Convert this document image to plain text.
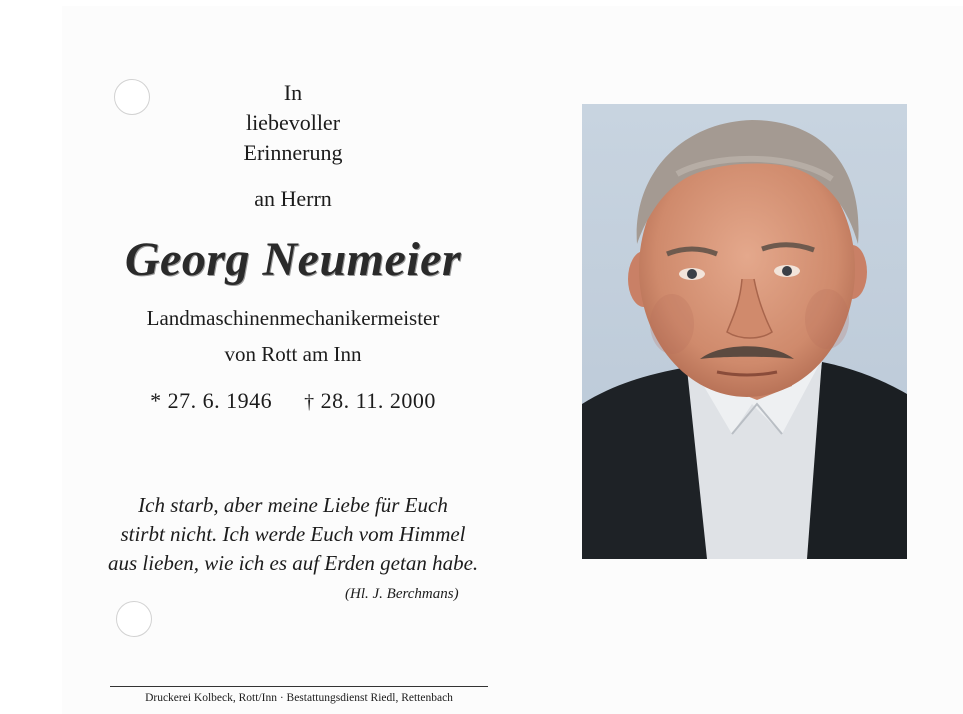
In
liebevoller
Erinnerung
an Herrn
Georg Neumeier
Landmaschinenmechanikermeister
von Rott am Inn
* 27. 6. 1946 † 28. 11. 2000
Ich starb, aber meine Liebe für Euch
stirbt nicht. Ich werde Euch vom Himmel
aus lieben, wie ich es auf Erden getan habe.
(Hl. J. Berchmans)
Druckerei Kolbeck, Rott/Inn · Bestattungsdienst Riedl, Rettenbach
